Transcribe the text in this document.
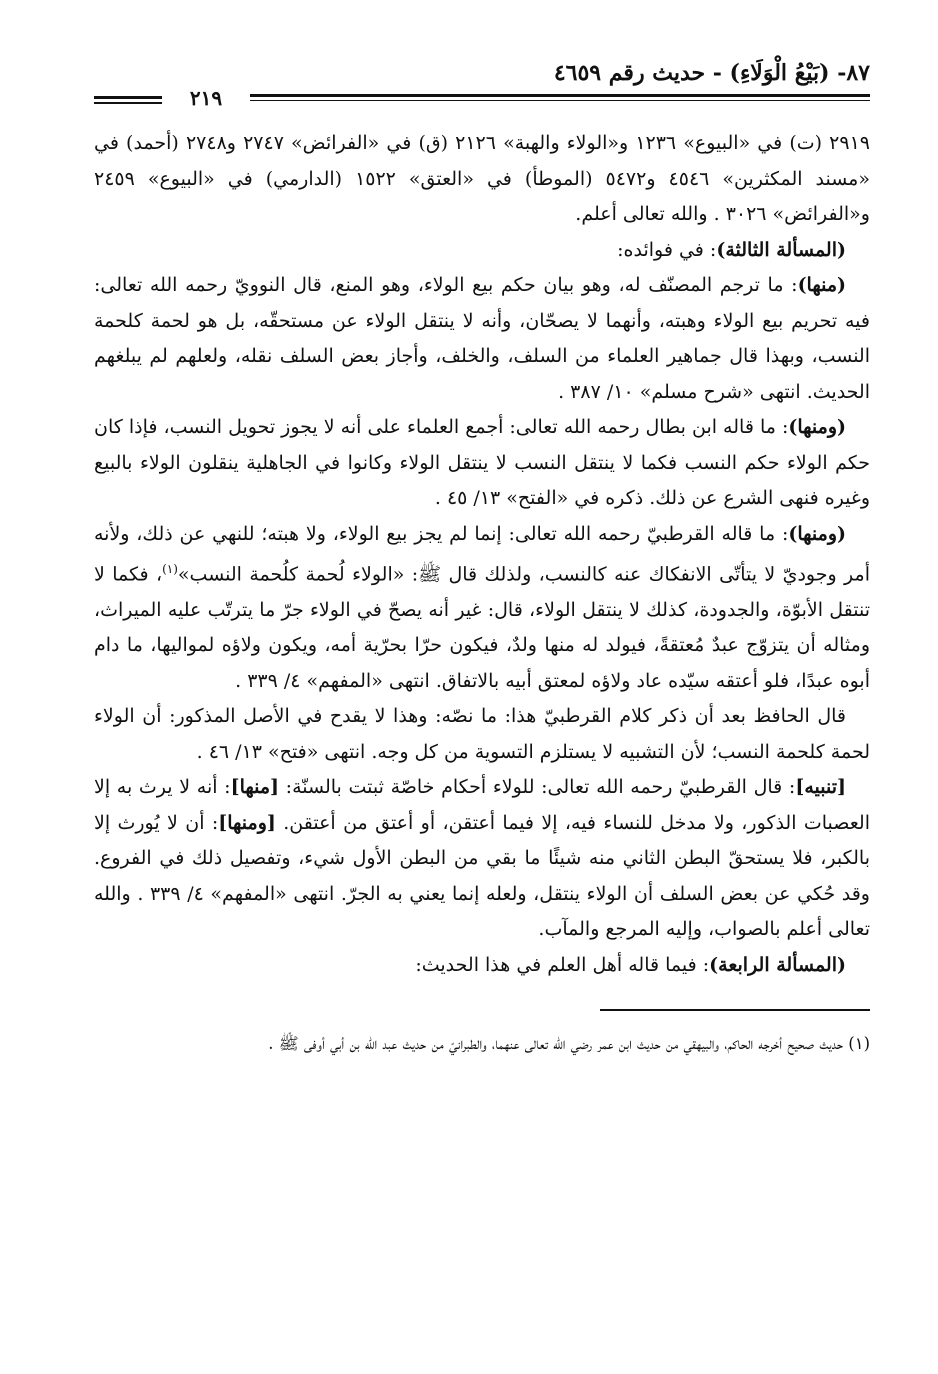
٨٧- (بَيْعُ الْوَلَاءِ) - حديث رقم ٤٦٥٩
٢١٩

٢٩١٩ (ت) في «البيوع» ١٢٣٦ و«الولاء والهبة» ٢١٢٦ (ق) في «الفرائض» ٢٧٤٧ و٢٧٤٨ (أحمد) في «مسند المكثرين» ٤٥٤٦ و٥٤٧٢ (الموطأ) في «العتق» ١٥٢٢ (الدارمي) في «البيوع» ٢٤٥٩ و«الفرائض» ٣٠٢٦ . والله تعالى أعلم.

(المسألة الثالثة): في فوائده:

(منها): ما ترجم المصنّف له، وهو بيان حكم بيع الولاء، وهو المنع، قال النوويّ رحمه الله تعالى: فيه تحريم بيع الولاء وهبته، وأنهما لا يصحّان، وأنه لا ينتقل الولاء عن مستحقّه، بل هو لحمة كلحمة النسب، وبهذا قال جماهير العلماء من السلف، والخلف، وأجاز بعض السلف نقله، ولعلهم لم يبلغهم الحديث. انتهى «شرح مسلم» ١٠/ ٣٨٧ .

(ومنها): ما قاله ابن بطال رحمه الله تعالى: أجمع العلماء على أنه لا يجوز تحويل النسب، فإذا كان حكم الولاء حكم النسب فكما لا ينتقل النسب لا ينتقل الولاء وكانوا في الجاهلية ينقلون الولاء بالبيع وغيره فنهى الشرع عن ذلك. ذكره في «الفتح» ١٣/ ٤٥ .

(ومنها): ما قاله القرطبيّ رحمه الله تعالى: إنما لم يجز بيع الولاء، ولا هبته؛ للنهي عن ذلك، ولأنه أمر وجوديّ لا يتأتّى الانفكاك عنه كالنسب، ولذلك قال ﷺ: «الولاء لُحمة كلُحمة النسب»$^{(١)}$، فكما لا تنتقل الأبوّة، والجدودة، كذلك لا ينتقل الولاء، قال: غير أنه يصحّ في الولاء جرّ ما يترتّب عليه الميراث، ومثاله أن يتزوّج عبدٌ مُعتقةً، فيولد له منها ولدٌ، فيكون حرّا بحرّية أمه، ويكون ولاؤه لمواليها، ما دام أبوه عبدًا، فلو أعتقه سيّده عاد ولاؤه لمعتق أبيه بالاتفاق. انتهى «المفهم» ٤/ ٣٣٩ .

قال الحافظ بعد أن ذكر كلام القرطبيّ هذا: ما نصّه: وهذا لا يقدح في الأصل المذكور: أن الولاء لحمة كلحمة النسب؛ لأن التشبيه لا يستلزم التسوية من كل وجه. انتهى «فتح» ١٣/ ٤٦ .

[تنبيه]: قال القرطبيّ رحمه الله تعالى: للولاء أحكام خاصّة ثبتت بالسنّة: [منها]: أنه لا يرث به إلا العصبات الذكور، ولا مدخل للنساء فيه، إلا فيما أعتقن، أو أعتق من أعتقن. [ومنها]: أن لا يُورث إلا بالكبر، فلا يستحقّ البطن الثاني منه شيئًا ما بقي من البطن الأول شيء، وتفصيل ذلك في الفروع. وقد حُكي عن بعض السلف أن الولاء ينتقل، ولعله إنما يعني به الجرّ. انتهى «المفهم» ٤/ ٣٣٩ . والله تعالى أعلم بالصواب، وإليه المرجع والمآب.

(المسألة الرابعة): فيما قاله أهل العلم في هذا الحديث:

(١) حديث صحيح أخرجه الحاكم، والبيهقي من حديث ابن عمر رضي الله تعالى عنهما، والطبرانيّ من حديث عبد الله بن أبي أوفى ﷺ .
